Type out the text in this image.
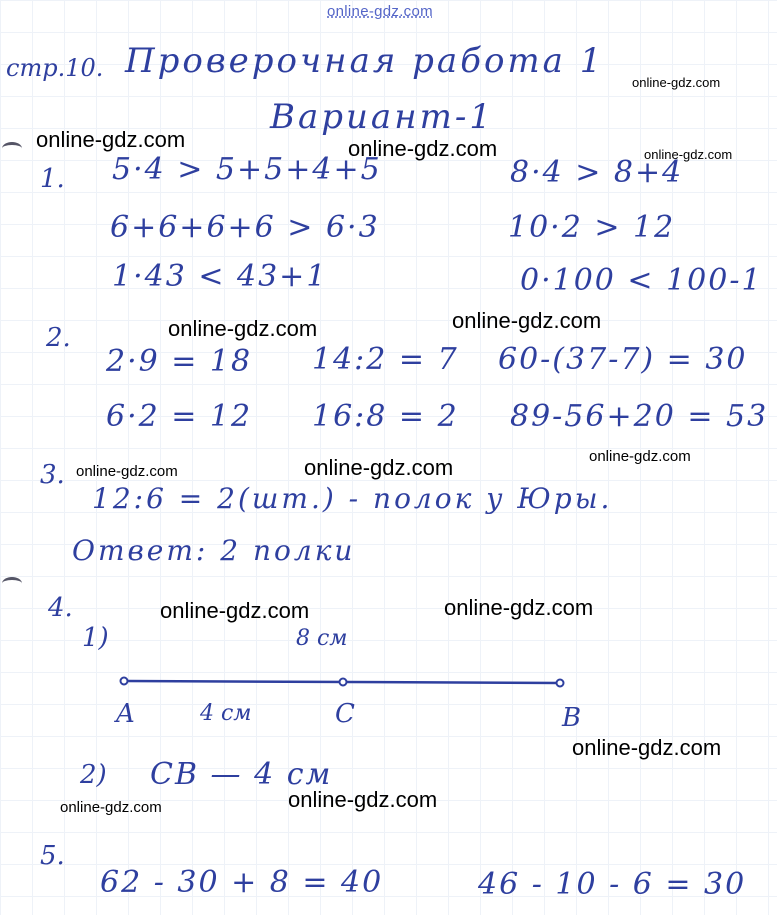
online-gdz.com
стр.10. Проверочная работа 1
Вариант-1
1. 5·4 > 5+5+4+5	8·4 > 8+4
6+6+6+6 > 6·3	10·2 > 12
1·43 < 43+1	0·100 < 100-1
2.
2·9 = 18 14:2 = 7 60-(37-7) = 30
6·2 = 12 16:8 = 2 89-56+20 = 53
3.
12:6 = 2(шт.) - полок у Юры.
Ответ: 2 полки
4.
1)	8 см
A	4 см	C	B
2) CB — 4 см
5.
62 - 30 + 8 = 40	46 - 10 - 6 = 30
online-gdz.com
online-gdz.com	online-gdz.com	online-gdz.com
online-gdz.com	online-gdz.com
online-gdz.com	online-gdz.com	online-gdz.com
online-gdz.com	online-gdz.com
online-gdz.com
online-gdz.com	online-gdz.com
